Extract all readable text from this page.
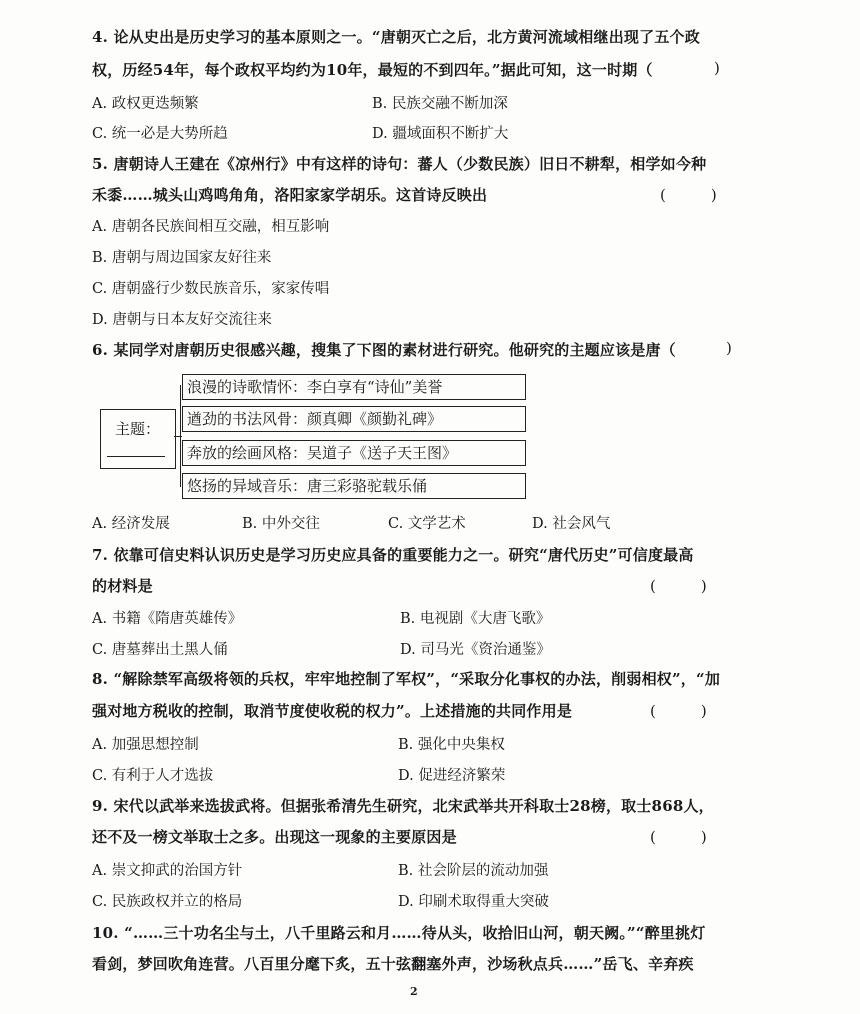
4. 论从史出是历史学习的基本原则之一。“唐朝灭亡之后，北方黄河流域相继出现了五个政
权，历经54年，每个政权平均约为10年，最短的不到四年。”据此可知，这一时期（	)
A. 政权更迭频繁	B. 民族交融不断加深
C. 统一必是大势所趋	D. 疆域面积不断扩大
5. 唐朝诗人王建在《凉州行》中有这样的诗句：蕃人（少数民族）旧日不耕犁，相学如今种
禾黍……城头山鸡鸣角角，洛阳家家学胡乐。这首诗反映出	(　　　)
A. 唐朝各民族间相互交融，相互影响
B. 唐朝与周边国家友好往来
C. 唐朝盛行少数民族音乐，家家传唱
D. 唐朝与日本友好交流往来
6. 某同学对唐朝历史很感兴趣，搜集了下图的素材进行研究。他研究的主题应该是唐（	)
主题：
浪漫的诗歌情怀：李白享有“诗仙”美誉
遒劲的书法风骨：颜真卿《颜勤礼碑》
奔放的绘画风格：吴道子《送子天王图》
悠扬的异域音乐：唐三彩骆驼载乐俑
A. 经济发展	B. 中外交往	C. 文学艺术	D. 社会风气
7. 依靠可信史料认识历史是学习历史应具备的重要能力之一。研究“唐代历史”可信度最高
的材料是	(　　　)
A. 书籍《隋唐英雄传》	B. 电视剧《大唐飞歌》
C. 唐墓葬出土黑人俑	D. 司马光《资治通鉴》
8. “解除禁军高级将领的兵权，牢牢地控制了军权”，“采取分化事权的办法，削弱相权”，“加
强对地方税收的控制，取消节度使收税的权力”。上述措施的共同作用是	(　　　)
A. 加强思想控制	B. 强化中央集权
C. 有利于人才选拔	D. 促进经济繁荣
9. 宋代以武举来选拔武将。但据张希清先生研究，北宋武举共开科取士28榜，取士868人，
还不及一榜文举取士之多。出现这一现象的主要原因是	(　　　)
A. 崇文抑武的治国方针	B. 社会阶层的流动加强
C. 民族政权并立的格局	D. 印刷术取得重大突破
10. “……三十功名尘与土，八千里路云和月……待从头，收拾旧山河，朝天阙。”“醉里挑灯
看剑，梦回吹角连营。八百里分麾下炙，五十弦翻塞外声，沙场秋点兵……”岳飞、辛弃疾
2
